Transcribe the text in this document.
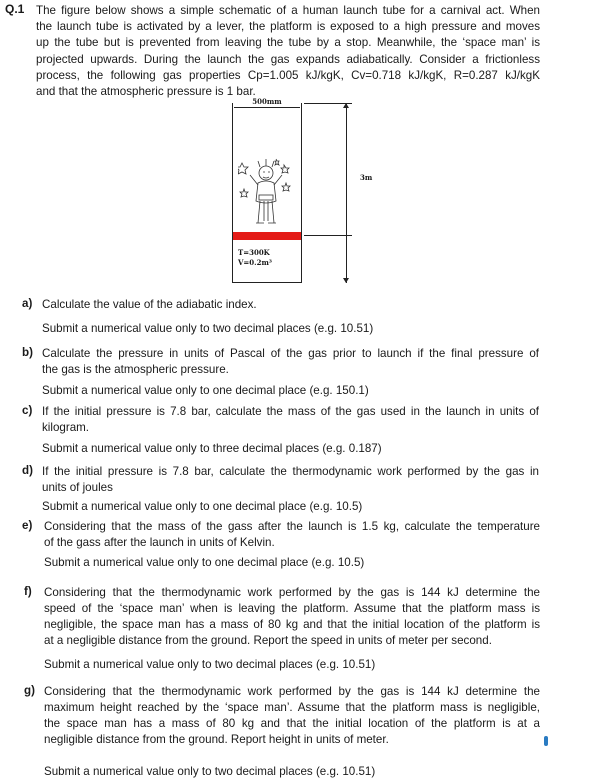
Q.1 The figure below shows a simple schematic of a human launch tube for a carnival act. When
the launch tube is activated by a lever, the platform is exposed to a high pressure and moves
up the tube but is prevented from leaving the tube by a stop. Meanwhile, the ‘space man’ is
projected upwards. During the launch the gas expands adiabatically. Consider a frictionless
process, the following gas properties Cp=1.005 kJ/kgK, Cv=0.718 kJ/kgK, R=0.287 kJ/kgK
and that the atmospheric pressure is 1 bar.
500mm
3m
T=300K
V=0.2m³
a) Calculate the value of the adiabatic index.
Submit a numerical value only to two decimal places (e.g. 10.51)
b) Calculate the pressure in units of Pascal of the gas prior to launch if the final pressure of
the gas is the atmospheric pressure.
Submit a numerical value only to one decimal place (e.g. 150.1)
c) If the initial pressure is 7.8 bar, calculate the mass of the gas used in the launch in units of
kilogram.
Submit a numerical value only to three decimal places (e.g. 0.187)
d) If the initial pressure is 7.8 bar, calculate the thermodynamic work performed by the gas in
units of joules
Submit a numerical value only to one decimal place (e.g. 10.5)
e) Considering that the mass of the gass after the launch is 1.5 kg, calculate the temperature
of the gass after the launch in units of Kelvin.
Submit a numerical value only to one decimal place (e.g. 10.5)
f) Considering that the thermodynamic work performed by the gas is 144 kJ determine the
speed of the ‘space man’ when is leaving the platform. Assume that the platform mass is
negligible, the space man has a mass of 80 kg and that the initial location of the platform is
at a negligible distance from the ground. Report the speed in units of meter per second.
Submit a numerical value only to two decimal places (e.g. 10.51)
g) Considering that the thermodynamic work performed by the gas is 144 kJ determine the
maximum height reached by the ‘space man’. Assume that the platform mass is negligible,
the space man has a mass of 80 kg and that the initial location of the platform is at a
negligible distance from the ground. Report height in units of meter.
Submit a numerical value only to two decimal places (e.g. 10.51)
